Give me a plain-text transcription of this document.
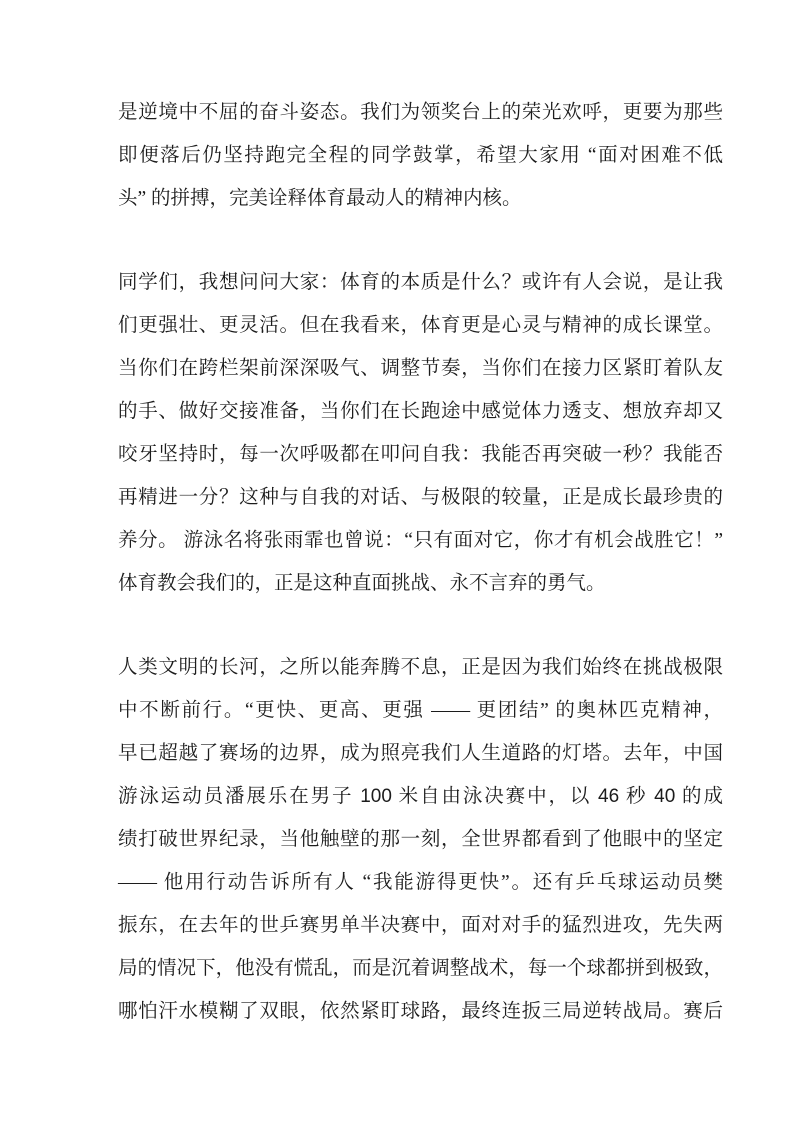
是逆境中不屈的奋斗姿态。我们为领奖台上的荣光欢呼，更要为那些
即便落后仍坚持跑完全程的同学鼓掌，希望大家用 “面对困难不低
头” 的拼搏，完美诠释体育最动人的精神内核。

同学们，我想问问大家：体育的本质是什么？或许有人会说，是让我
们更强壮、更灵活。但在我看来，体育更是心灵与精神的成长课堂。
当你们在跨栏架前深深吸气、调整节奏，当你们在接力区紧盯着队友
的手、做好交接准备，当你们在长跑途中感觉体力透支、想放弃却又
咬牙坚持时，每一次呼吸都在叩问自我：我能否再突破一秒？我能否
再精进一分？这种与自我的对话、与极限的较量，正是成长最珍贵的
养分。 游泳名将张雨霏也曾说：“只有面对它，你才有机会战胜它！”
体育教会我们的，正是这种直面挑战、永不言弃的勇气。

人类文明的长河，之所以能奔腾不息，正是因为我们始终在挑战极限
中不断前行。“更快、更高、更强 —— 更团结” 的奥林匹克精神，
早已超越了赛场的边界，成为照亮我们人生道路的灯塔。去年，中国
游泳运动员潘展乐在男子 100 米自由泳决赛中，以 46 秒 40 的成
绩打破世界纪录，当他触壁的那一刻，全世界都看到了他眼中的坚定
—— 他用行动告诉所有人 “我能游得更快”。还有乒乓球运动员樊
振东，在去年的世乒赛男单半决赛中，面对对手的猛烈进攻，先失两
局的情况下，他没有慌乱，而是沉着调整战术，每一个球都拼到极致，
哪怕汗水模糊了双眼，依然紧盯球路，最终连扳三局逆转战局。赛后
